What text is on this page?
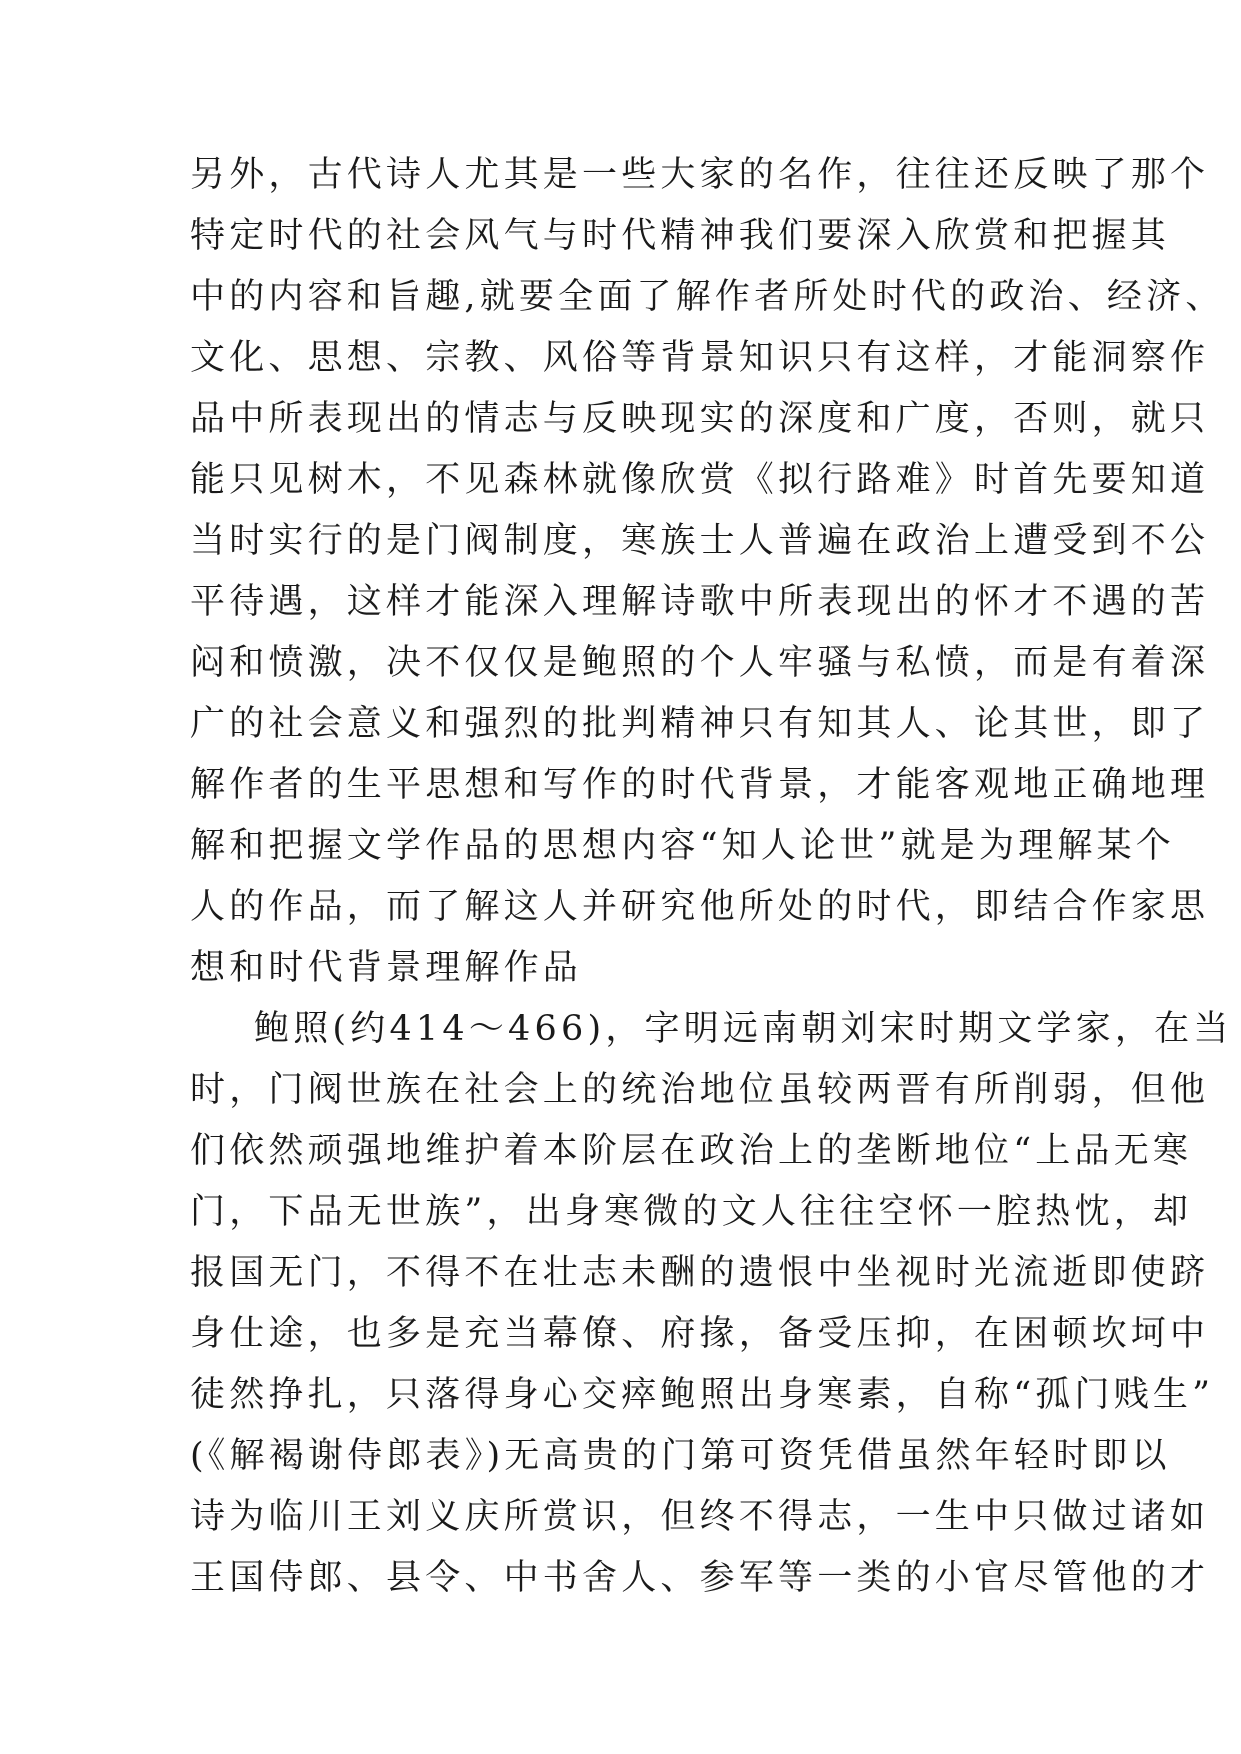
另外，古代诗人尤其是一些大家的名作，往往还反映了那个
特定时代的社会风气与时代精神我们要深入欣赏和把握其
中的内容和旨趣,就要全面了解作者所处时代的政治、经济、
文化、思想、宗教、风俗等背景知识只有这样，才能洞察作
品中所表现出的情志与反映现实的深度和广度，否则，就只
能只见树木，不见森林就像欣赏《拟行路难》时首先要知道
当时实行的是门阀制度，寒族士人普遍在政治上遭受到不公
平待遇，这样才能深入理解诗歌中所表现出的怀才不遇的苦
闷和愤激，决不仅仅是鲍照的个人牢骚与私愤，而是有着深
广的社会意义和强烈的批判精神只有知其人、论其世，即了
解作者的生平思想和写作的时代背景，才能客观地正确地理
解和把握文学作品的思想内容“知人论世”就是为理解某个
人的作品，而了解这人并研究他所处的时代，即结合作家思
想和时代背景理解作品
鲍照(约414～466)，字明远南朝刘宋时期文学家，在当
时，门阀世族在社会上的统治地位虽较两晋有所削弱，但他
们依然顽强地维护着本阶层在政治上的垄断地位“上品无寒
门，下品无世族”，出身寒微的文人往往空怀一腔热忱，却
报国无门，不得不在壮志未酬的遗恨中坐视时光流逝即使跻
身仕途，也多是充当幕僚、府掾，备受压抑，在困顿坎坷中
徒然挣扎，只落得身心交瘁鲍照出身寒素，自称“孤门贱生”
(《解褐谢侍郎表》)无高贵的门第可资凭借虽然年轻时即以
诗为临川王刘义庆所赏识，但终不得志，一生中只做过诸如
王国侍郎、县令、中书舍人、参军等一类的小官尽管他的才
